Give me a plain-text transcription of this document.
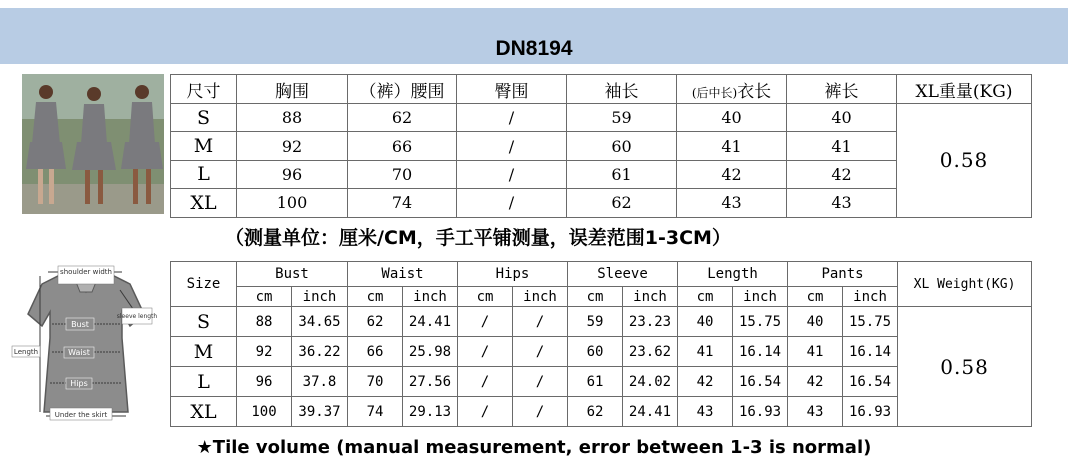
DN8194
尺寸	胸围	（裤）腰围	臀围	袖长	(后中长)衣长	裤长	XL重量(KG)
S	88	62	/	59	40	40	0.58
M	92	66	/	60	41	41	
L	96	70	/	61	42	42	
XL	100	74	/	62	43	43	
（测量单位：厘米/CM，手工平铺测量，误差范围1-3CM）
shoulder width
sleeve length
Length
Bust
Waist
Hips
Under the skirt
Size	Bust		Waist		Hips		Sleeve		Length		Pants		XL Weight(KG)
	cm	inch	cm	inch	cm	inch	cm	inch	cm	inch	cm	inch	
S	88	34.65	62	24.41	/	/	59	23.23	40	15.75	40	15.75	0.58
M	92	36.22	66	25.98	/	/	60	23.62	41	16.14	41	16.14	
L	96	37.8	70	27.56	/	/	61	24.02	42	16.54	42	16.54	
XL	100	39.37	74	29.13	/	/	62	24.41	43	16.93	43	16.93	
★Tile volume (manual measurement, error between 1-3 is normal)
